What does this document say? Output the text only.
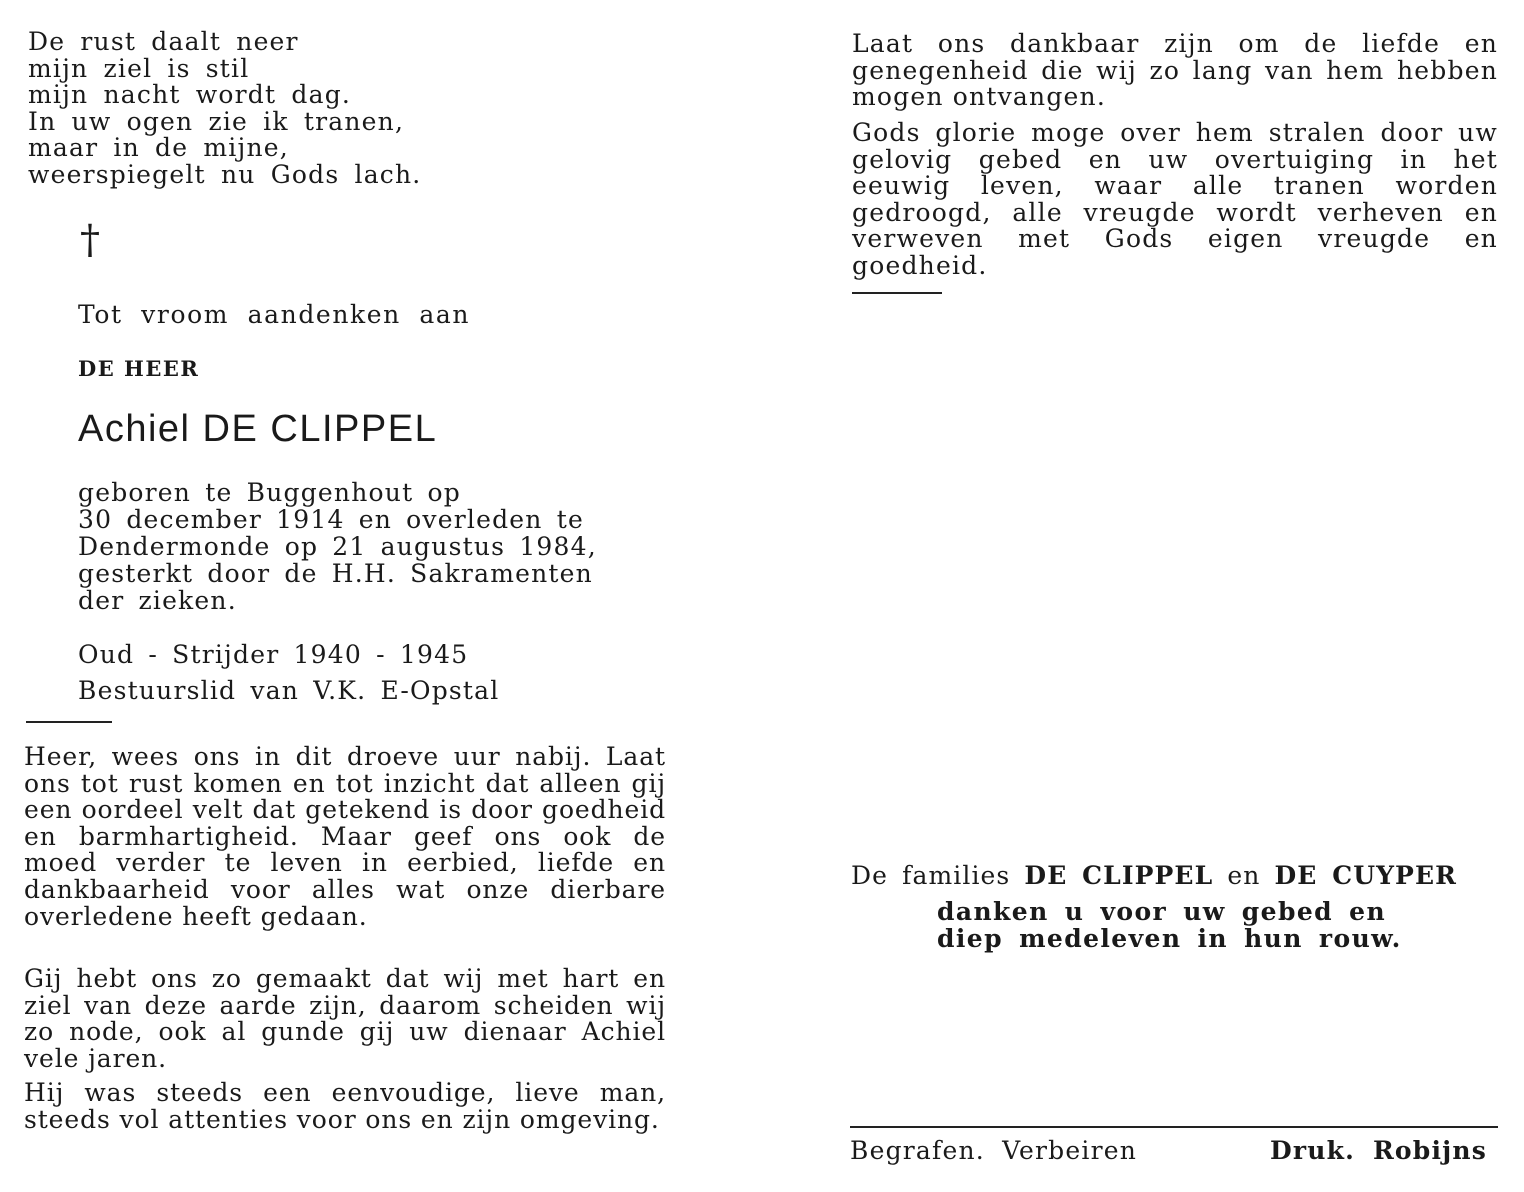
De rust daalt neer
mijn ziel is stil
mijn nacht wordt dag.
In uw ogen zie ik tranen,
maar in de mijne,
weerspiegelt nu Gods lach.
†
Tot vroom aandenken aan
DE HEER
Achiel DE CLIPPEL
geboren te Buggenhout op
30 december 1914 en overleden te
Dendermonde op 21 augustus 1984,
gesterkt door de H.H. Sakramenten
der zieken.
Oud - Strijder 1940 - 1945
Bestuurslid van V.K. E-Opstal
Heer, wees ons in dit droeve uur nabij. Laat ons tot rust komen en tot inzicht dat alleen gij een oordeel velt dat getekend is door goedheid en barmhartigheid. Maar geef ons ook de moed verder te leven in eerbied, liefde en dankbaarheid voor alles wat onze dierbare overledene heeft gedaan.
Gij hebt ons zo gemaakt dat wij met hart en ziel van deze aarde zijn, daarom scheiden wij zo node, ook al gunde gij uw dienaar Achiel vele jaren.
Hij was steeds een eenvoudige, lieve man, steeds vol attenties voor ons en zijn omgeving.
Laat ons dankbaar zijn om de liefde en genegenheid die wij zo lang van hem hebben mogen ontvangen.
Gods glorie moge over hem stralen door uw gelovig gebed en uw overtuiging in het eeuwig leven, waar alle tranen worden gedroogd, alle vreugde wordt verheven en verweven met Gods eigen vreugde en goedheid.
De families DE CLIPPEL en DE CUYPER
danken u voor uw gebed en
diep medeleven in hun rouw.
Begrafen. Verbeiren	Druk. Robijns
